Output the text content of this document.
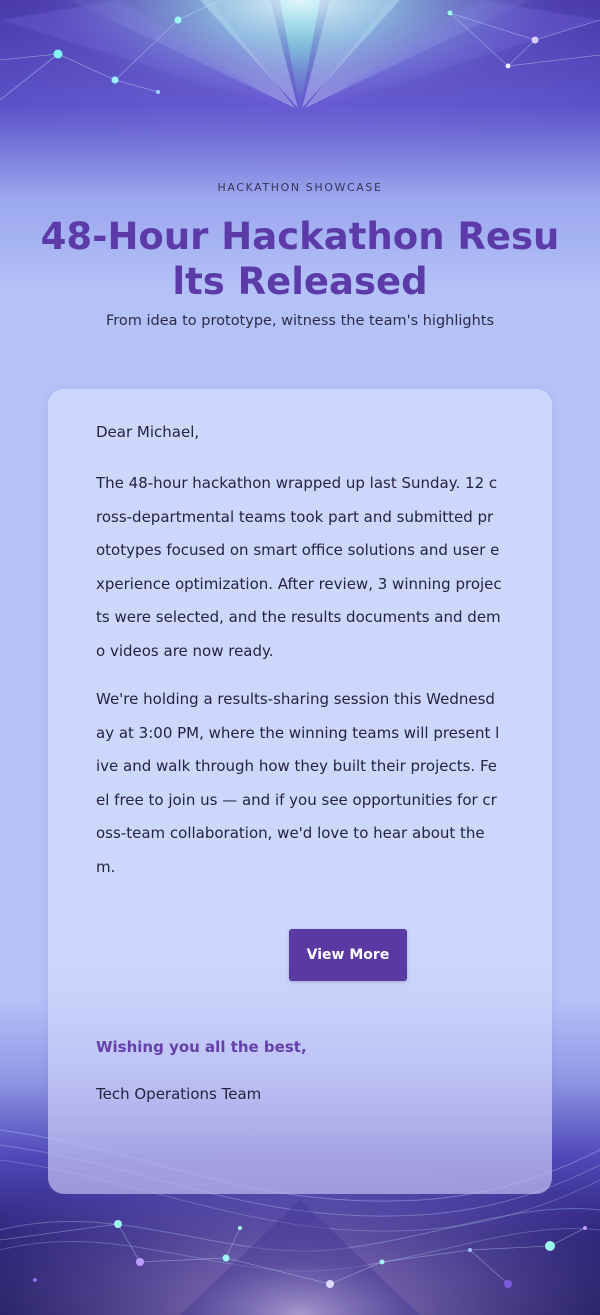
HACKATHON SHOWCASE
48-Hour Hackathon Results Released
From idea to prototype, witness the team's highlights
Dear Michael,

The 48-hour hackathon wrapped up last Sunday. 12 cross-departmental teams took part and submitted prototypes focused on smart office solutions and user experience optimization. After review, 3 winning projects were selected, and the results documents and demo videos are now ready.

We're holding a results-sharing session this Wednesday at 3:00 PM, where the winning teams will present live and walk through how they built their projects. Feel free to join us — and if you see opportunities for cross-team collaboration, we'd love to hear about them.

View More
Wishing you all the best,
Tech Operations Team
